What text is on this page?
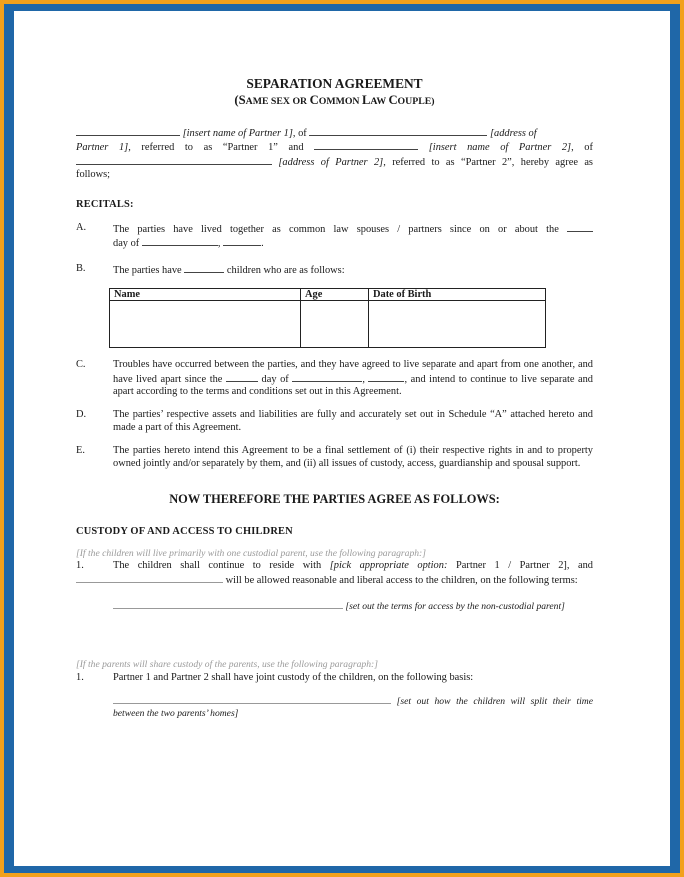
SEPARATION AGREEMENT

(SAME SEX OR COMMON LAW COUPLE)

[insert name of Partner 1], of	[address of

Partner 1], referred to as “Partner 1” and	[insert name of Partner 2], of

[address of Partner 2], referred to as “Partner 2”, hereby agree as

follows;

RECITALS:

A.	The parties have lived together as common law spouses / partners since on or about the

day of	,	.

B.	The parties have	children who are as follows:

Name	Age	Date of Birth

C.	Troubles have occurred between the parties, and they have agreed to live separate and apart from one another, and have lived apart since the	day of	,	, and intend to continue to live separate and apart according to the terms and conditions set out in this Agreement.

D.	The parties’ respective assets and liabilities are fully and accurately set out in Schedule “A” attached hereto and made a part of this Agreement.

E.	The parties hereto intend this Agreement to be a final settlement of (i) their respective rights in and to property owned jointly and/or separately by them, and (ii) all issues of custody, access, guardianship and spousal support.

NOW THEREFORE THE PARTIES AGREE AS FOLLOWS:

CUSTODY OF AND ACCESS TO CHILDREN

[If the children will live primarily with one custodial parent, use the following paragraph:]

1.	The children shall continue to reside with [pick appropriate option: Partner 1 / Partner 2], and

will be allowed reasonable and liberal access to the children, on the following terms:

[set out the terms for access by the non-custodial parent]

[If the parents will share custody of the parents, use the following paragraph:]

1.	Partner 1 and Partner 2 shall have joint custody of the children, on the following basis:

[set out how the children will split their time between the two parents’ homes]
